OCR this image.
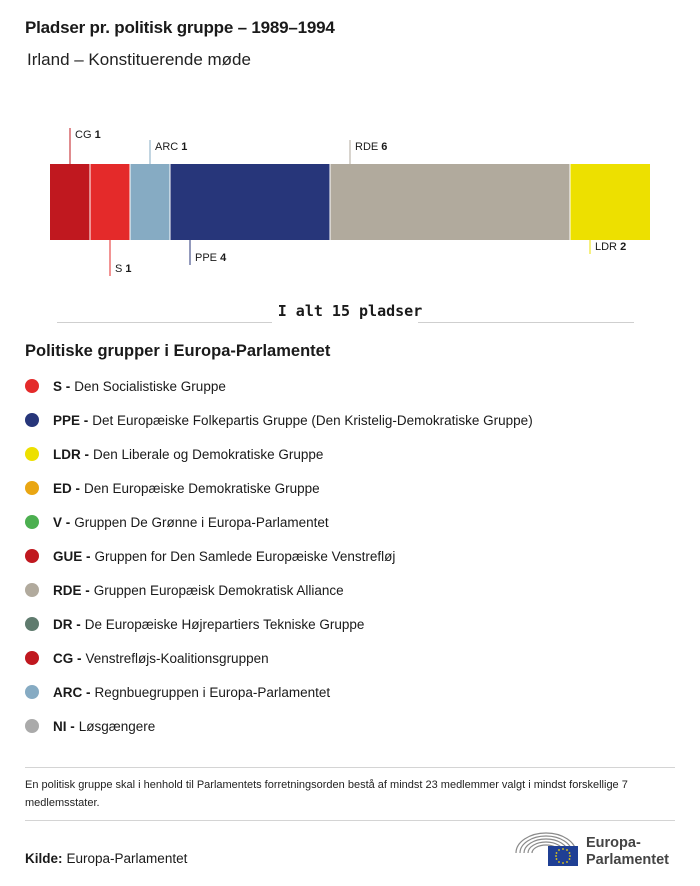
Pladser pr. politisk gruppe – 1989–1994
Irland – Konstituerende møde
CG 1
S 1
ARC 1
PPE 4
RDE 6
LDR 2
I alt 15 pladser
Politiske grupper i Europa-Parlamentet
S - Den Socialistiske Gruppe
PPE - Det Europæiske Folkepartis Gruppe (Den Kristelig-Demokratiske Gruppe)
LDR - Den Liberale og Demokratiske Gruppe
ED - Den Europæiske Demokratiske Gruppe
V - Gruppen De Grønne i Europa-Parlamentet
GUE - Gruppen for Den Samlede Europæiske Venstrefløj
RDE - Gruppen Europæisk Demokratisk Alliance
DR - De Europæiske Højrepartiers Tekniske Gruppe
CG - Venstrefløjs-Koalitionsgruppen
ARC - Regnbuegruppen i Europa-Parlamentet
NI - Løsgængere
En politisk gruppe skal i henhold til Parlamentets forretningsorden bestå af mindst 23 medlemmer valgt i mindst forskellige 7 medlemsstater.
Kilde: Europa-Parlamentet
Europa-
Parlamentet
